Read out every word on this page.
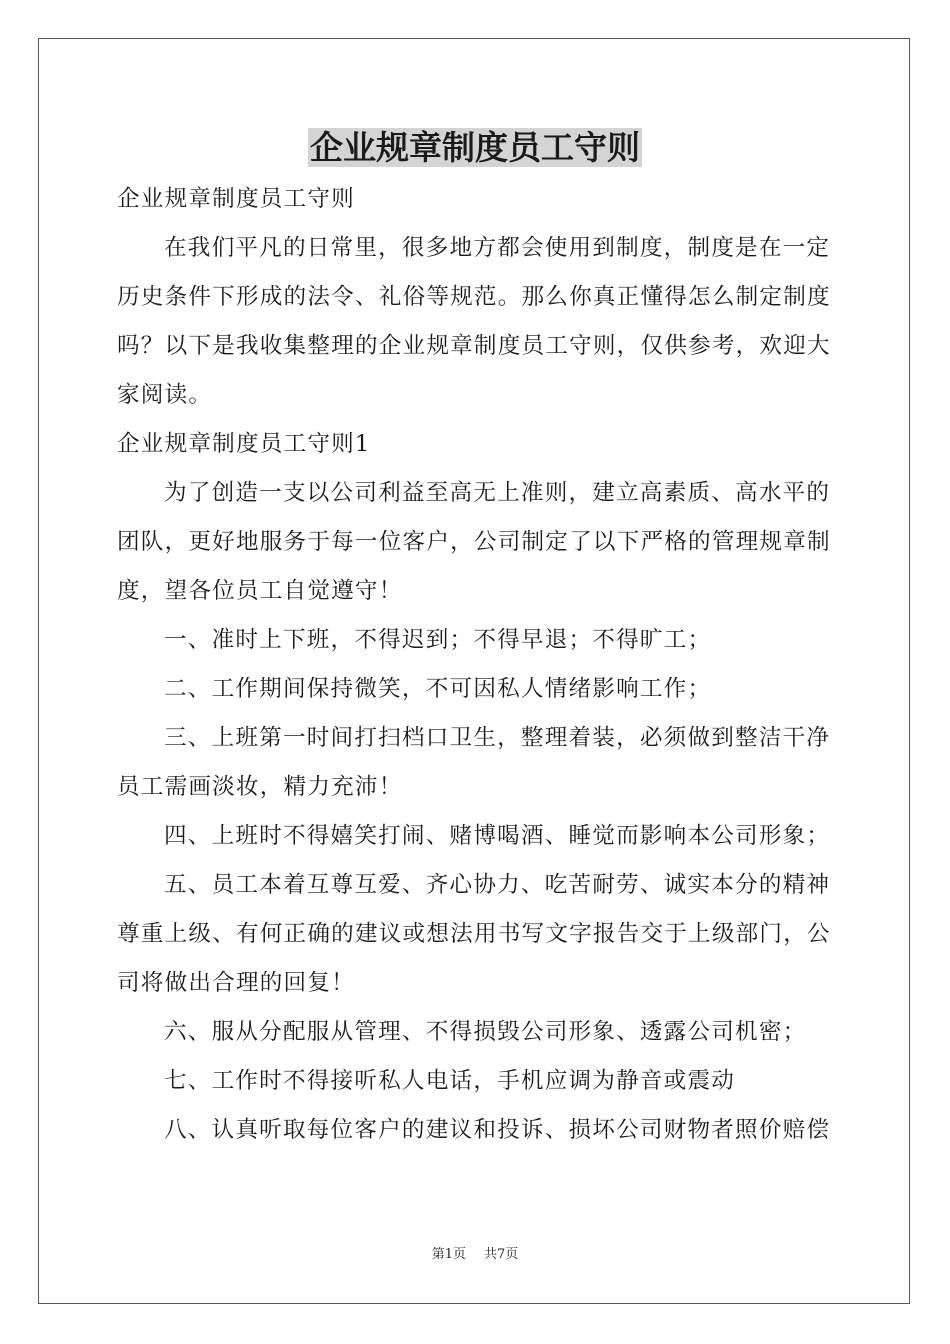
企业规章制度员工守则

企业规章制度员工守则

在我们平凡的日常里，很多地方都会使用到制度，制度是在一定历史条件下形成的法令、礼俗等规范。那么你真正懂得怎么制定制度吗？以下是我收集整理的企业规章制度员工守则，仅供参考，欢迎大家阅读。

企业规章制度员工守则1

为了创造一支以公司利益至高无上准则，建立高素质、高水平的团队，更好地服务于每一位客户，公司制定了以下严格的管理规章制度，望各位员工自觉遵守！

一、准时上下班，不得迟到；不得早退；不得旷工；

二、工作期间保持微笑，不可因私人情绪影响工作；

三、上班第一时间打扫档口卫生，整理着装，必须做到整洁干净员工需画淡妆，精力充沛！

四、上班时不得嬉笑打闹、赌博喝酒、睡觉而影响本公司形象；

五、员工本着互尊互爱、齐心协力、吃苦耐劳、诚实本分的精神尊重上级、有何正确的建议或想法用书写文字报告交于上级部门，公司将做出合理的回复！

六、服从分配服从管理、不得损毁公司形象、透露公司机密；

七、工作时不得接听私人电话，手机应调为静音或震动

八、认真听取每位客户的建议和投诉、损坏公司财物者照价赔偿

第1页 共7页
